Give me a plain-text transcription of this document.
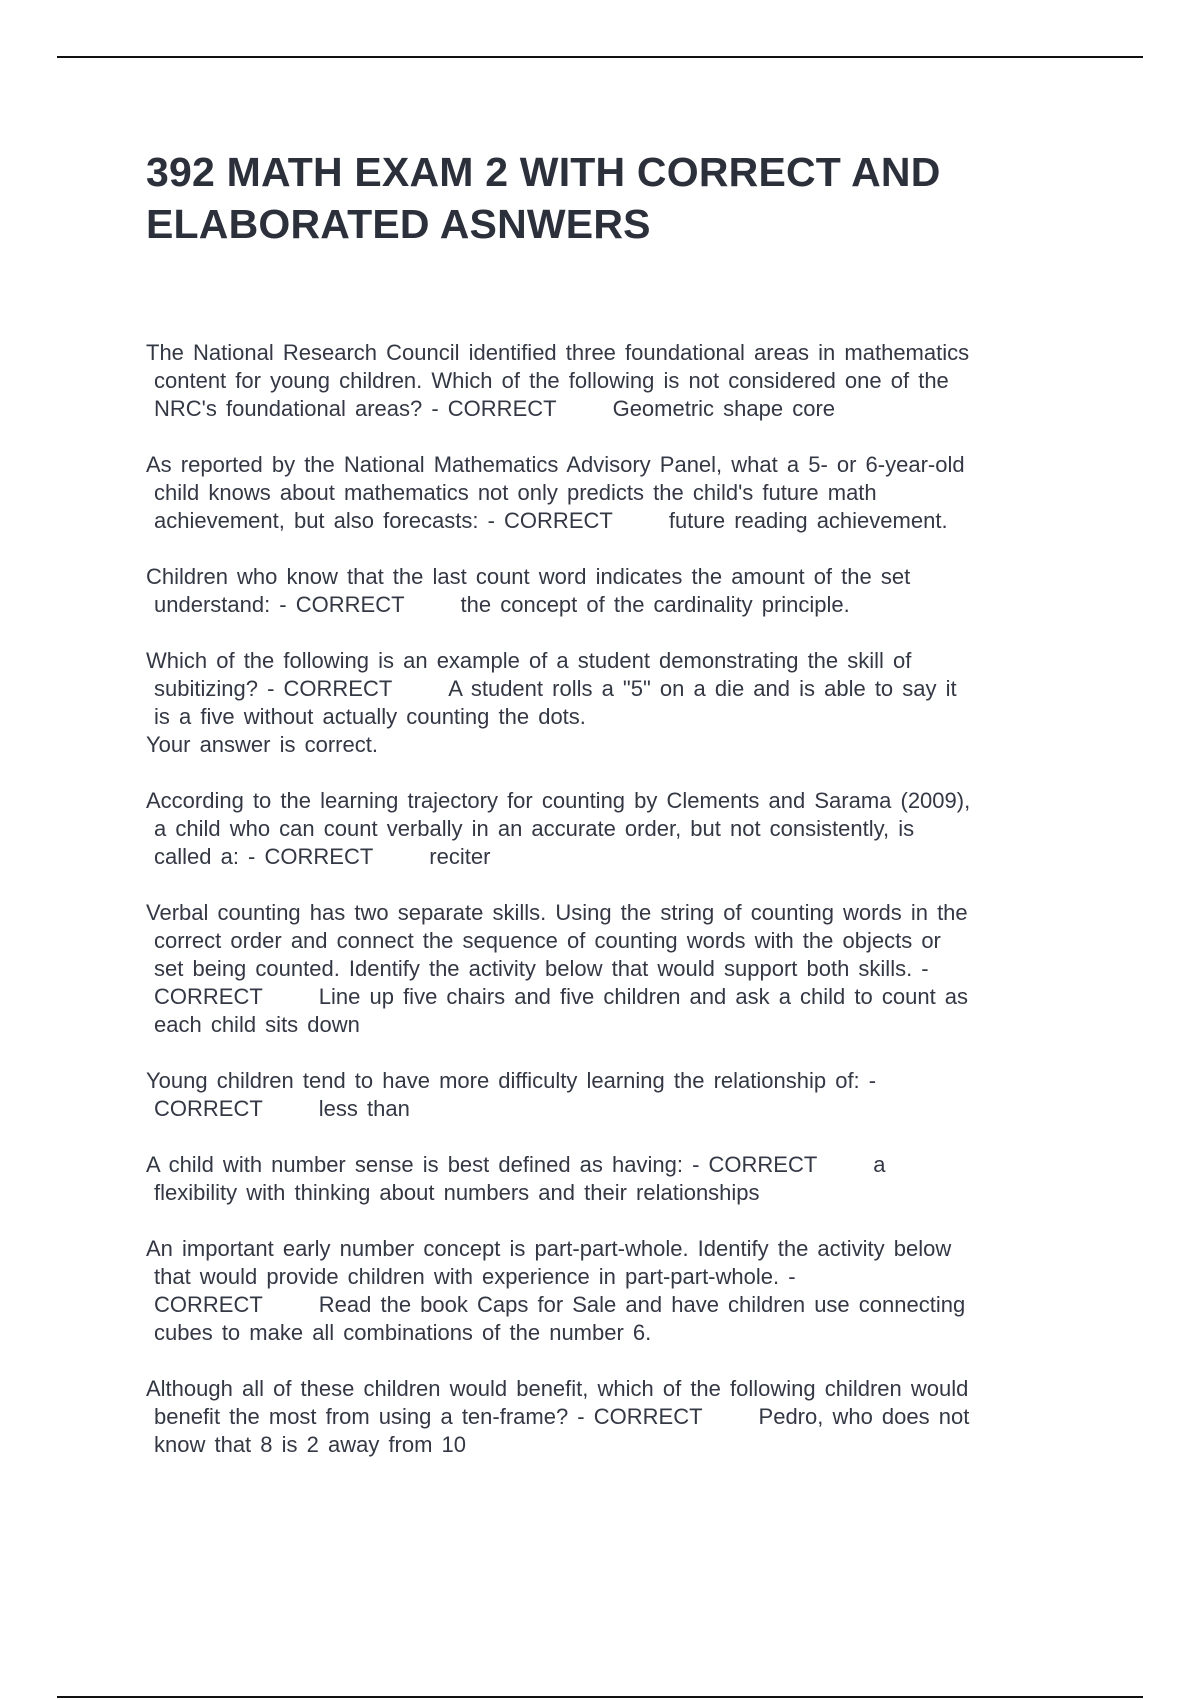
392 MATH EXAM 2 WITH CORRECT AND
ELABORATED ASNWERS
The National Research Council identified three foundational areas in mathematics
content for young children. Which of the following is not considered one of the
NRC's foundational areas? - CORRECT	Geometric shape core
As reported by the National Mathematics Advisory Panel, what a 5- or 6-year-old
child knows about mathematics not only predicts the child's future math
achievement, but also forecasts: - CORRECT	future reading achievement.
Children who know that the last count word indicates the amount of the set
understand: - CORRECT	the concept of the cardinality principle.
Which of the following is an example of a student demonstrating the skill of
subitizing? - CORRECT	A student rolls a "5" on a die and is able to say it
is a five without actually counting the dots.
Your answer is correct.
According to the learning trajectory for counting by Clements and Sarama (2009),
a child who can count verbally in an accurate order, but not consistently, is
called a: - CORRECT	reciter
Verbal counting has two separate skills. Using the string of counting words in the
correct order and connect the sequence of counting words with the objects or
set being counted. Identify the activity below that would support both skills. -
CORRECT	Line up five chairs and five children and ask a child to count as
each child sits down
Young children tend to have more difficulty learning the relationship of: -
CORRECT	less than
A child with number sense is best defined as having: - CORRECT	a
flexibility with thinking about numbers and their relationships
An important early number concept is part-part-whole. Identify the activity below
that would provide children with experience in part-part-whole. -
CORRECT	Read the book Caps for Sale and have children use connecting
cubes to make all combinations of the number 6.
Although all of these children would benefit, which of the following children would
benefit the most from using a ten-frame? - CORRECT	Pedro, who does not
know that 8 is 2 away from 10
